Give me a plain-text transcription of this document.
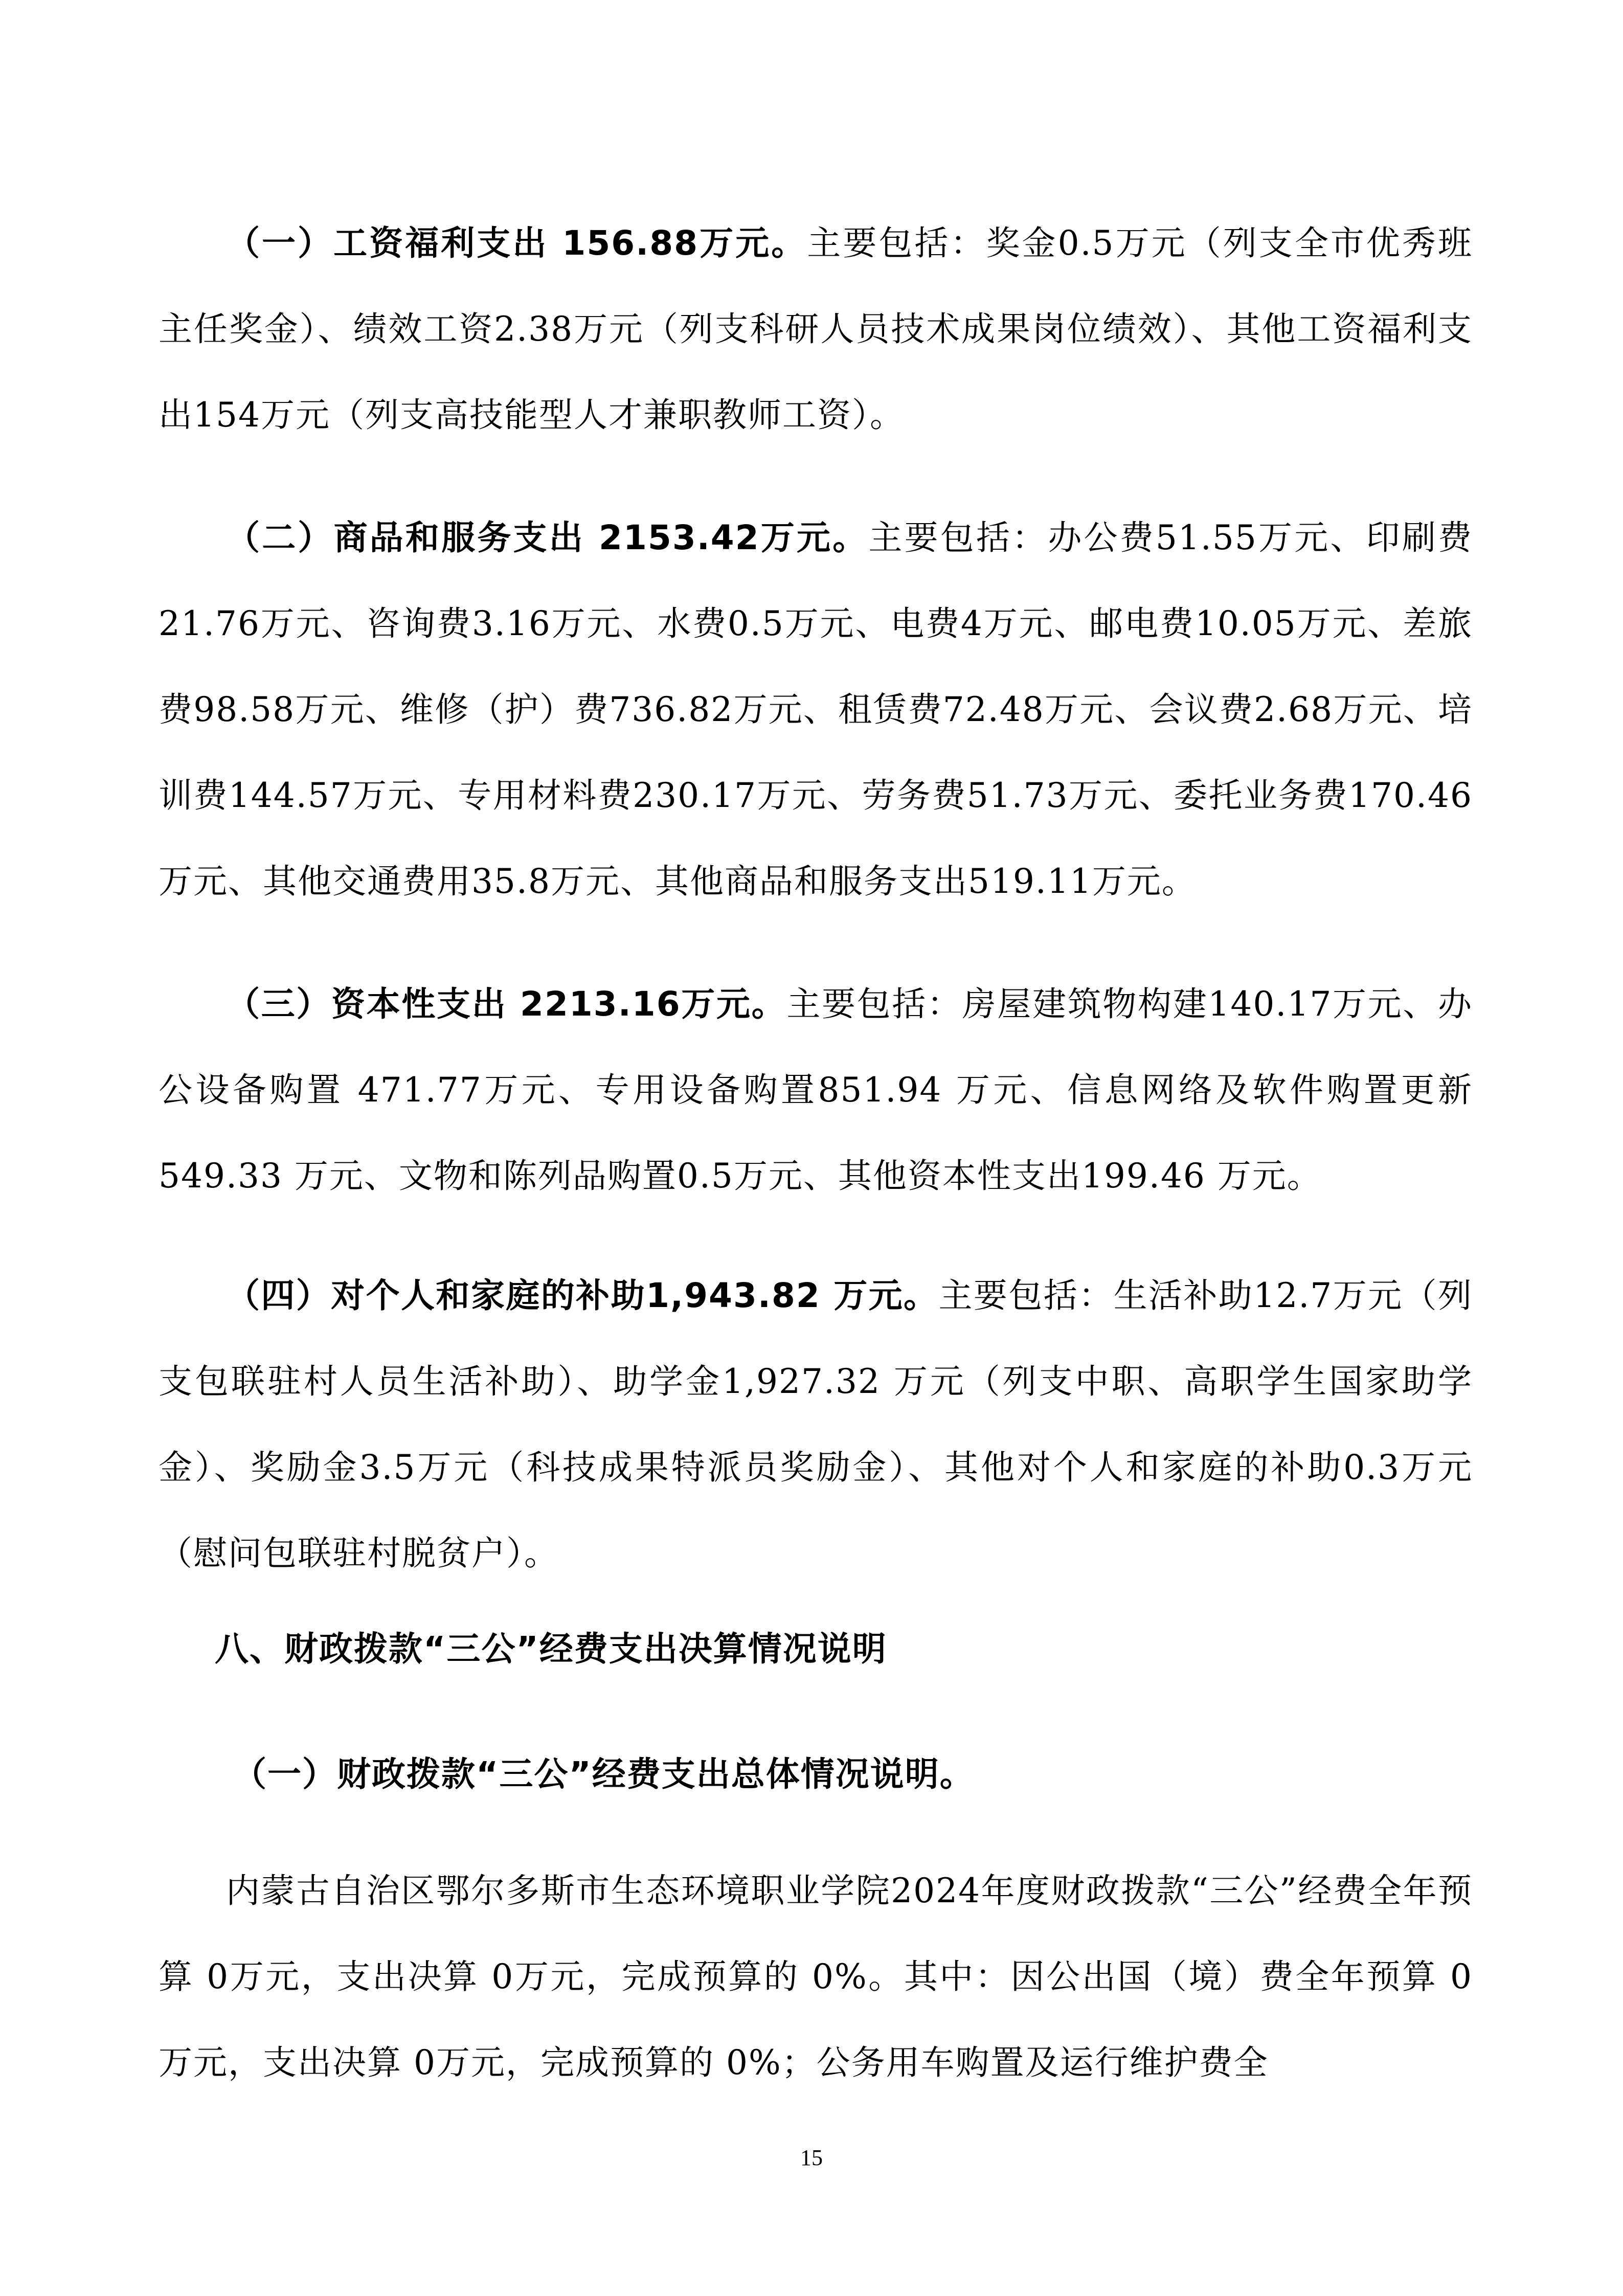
（一）工资福利支出 156.88万元。主要包括：奖金0.5万元（列支全市优秀班主任奖金）、绩效工资2.38万元（列支科研人员技术成果岗位绩效）、其他工资福利支出154万元（列支高技能型人才兼职教师工资）。

（二）商品和服务支出 2153.42万元。主要包括：办公费51.55万元、印刷费21.76万元、咨询费3.16万元、水费0.5万元、电费4万元、邮电费10.05万元、差旅费98.58万元、维修（护）费736.82万元、租赁费72.48万元、会议费2.68万元、培训费144.57万元、专用材料费230.17万元、劳务费51.73万元、委托业务费170.46万元、其他交通费用35.8万元、其他商品和服务支出519.11万元。

（三）资本性支出 2213.16万元。主要包括：房屋建筑物构建140.17万元、办公设备购置 471.77万元、专用设备购置851.94 万元、信息网络及软件购置更新549.33 万元、文物和陈列品购置0.5万元、其他资本性支出199.46 万元。

（四）对个人和家庭的补助1,943.82 万元。主要包括：生活补助12.7万元（列支包联驻村人员生活补助）、助学金1,927.32 万元（列支中职、高职学生国家助学金）、奖励金3.5万元（科技成果特派员奖励金）、其他对个人和家庭的补助0.3万元（慰问包联驻村脱贫户）。

八、财政拨款“三公”经费支出决算情况说明
（一）财政拨款“三公”经费支出总体情况说明。

内蒙古自治区鄂尔多斯市生态环境职业学院2024年度财政拨款“三公”经费全年预算 0万元，支出决算 0万元，完成预算的 0%。其中：因公出国（境）费全年预算 0万元，支出决算 0万元，完成预算的 0%；公务用车购置及运行维护费全

15
